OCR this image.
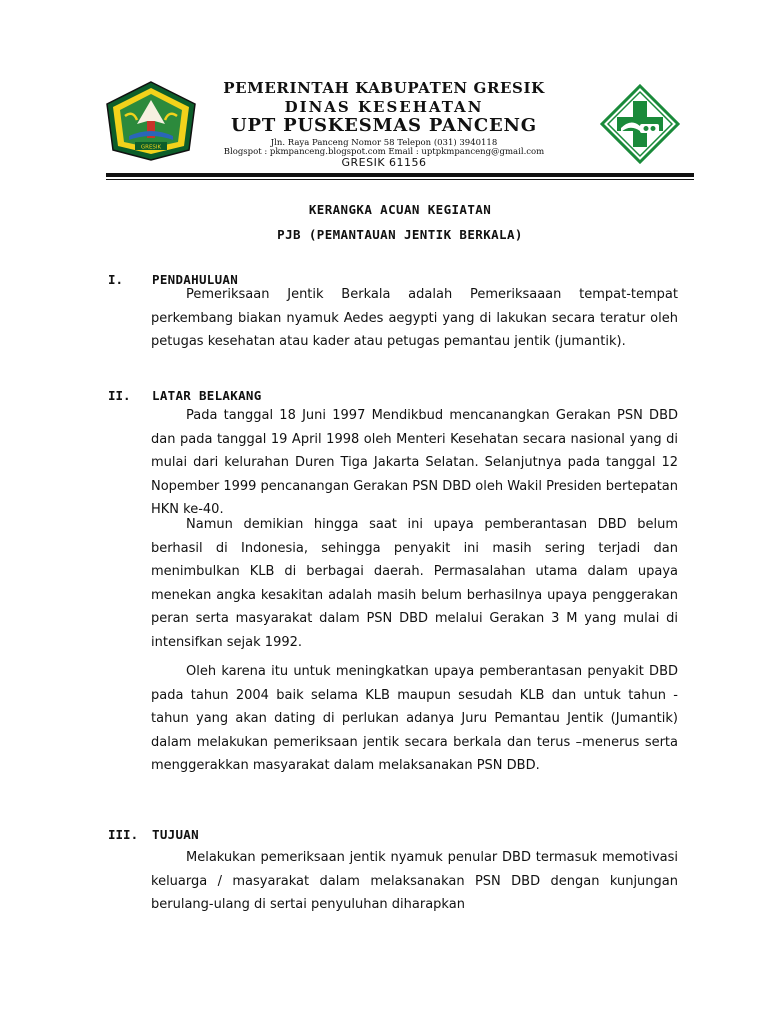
GRESIK
PEMERINTAH KABUPATEN GRESIK
DINAS KESEHATAN
UPT PUSKESMAS PANCENG
Jln. Raya Panceng Nomor 58 Telepon (031) 3940118
Blogspot : pkmpanceng.blogspot.com Email : uptpkmpanceng@gmail.com
GRESIK 61156
KERANGKA ACUAN KEGIATAN
PJB (PEMANTAUAN JENTIK BERKALA)
I. PENDAHULUAN

Pemeriksaan Jentik Berkala adalah Pemeriksaaan tempat-tempat perkembang biakan nyamuk Aedes aegypti yang di lakukan secara teratur oleh petugas kesehatan atau kader atau petugas pemantau jentik (jumantik).

II. LATAR BELAKANG

Pada tanggal 18 Juni 1997 Mendikbud mencanangkan Gerakan PSN DBD dan pada tanggal 19 April 1998 oleh Menteri Kesehatan secara nasional yang di mulai dari kelurahan Duren Tiga Jakarta Selatan. Selanjutnya pada tanggal 12 Nopember 1999 pencanangan Gerakan PSN DBD oleh Wakil Presiden bertepatan HKN ke-40.

Namun demikian hingga saat ini upaya pemberantasan DBD belum berhasil di Indonesia, sehingga penyakit ini masih sering terjadi dan menimbulkan KLB di berbagai daerah. Permasalahan utama dalam upaya menekan angka kesakitan adalah masih belum berhasilnya upaya penggerakan peran serta masyarakat dalam PSN DBD melalui Gerakan 3 M yang mulai di intensifkan sejak 1992.

Oleh karena itu untuk meningkatkan upaya pemberantasan penyakit DBD pada tahun 2004 baik selama KLB maupun sesudah KLB dan untuk tahun - tahun yang akan dating di perlukan adanya Juru Pemantau Jentik (Jumantik) dalam melakukan pemeriksaan jentik secara berkala dan terus –menerus serta menggerakkan masyarakat dalam melaksanakan PSN DBD.

III. TUJUAN

Melakukan pemeriksaan jentik nyamuk penular DBD termasuk memotivasi keluarga / masyarakat dalam melaksanakan PSN DBD dengan kunjungan berulang-ulang di sertai penyuluhan diharapkan
